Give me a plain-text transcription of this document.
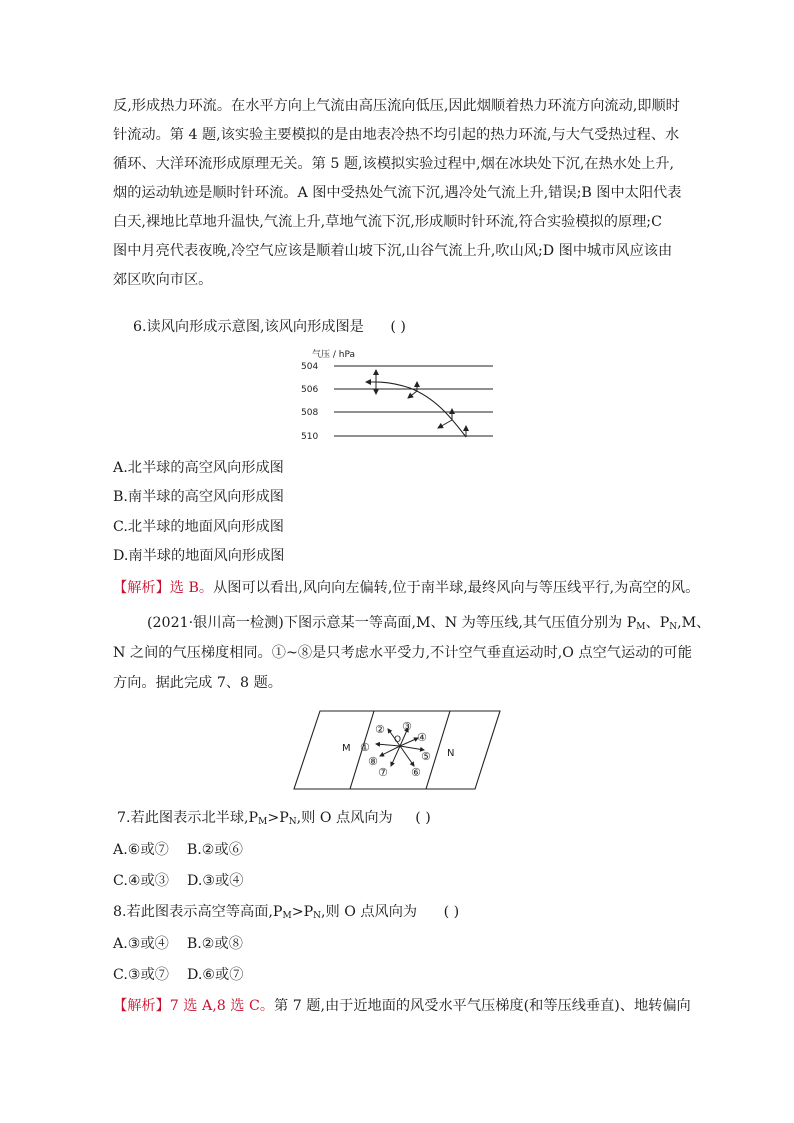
反,形成热力环流。在水平方向上气流由高压流向低压,因此烟顺着热力环流方向流动,即顺时
针流动。第 4 题,该实验主要模拟的是由地表冷热不均引起的热力环流,与大气受热过程、水
循环、大洋环流形成原理无关。第 5 题,该模拟实验过程中,烟在冰块处下沉,在热水处上升,
烟的运动轨迹是顺时针环流。A 图中受热处气流下沉,遇冷处气流上升,错误;B 图中太阳代表
白天,裸地比草地升温快,气流上升,草地气流下沉,形成顺时针环流,符合实验模拟的原理;C
图中月亮代表夜晚,冷空气应该是顺着山坡下沉,山谷气流上升,吹山风;D 图中城市风应该由
郊区吹向市区。
6.读风向形成示意图,该风向形成图是 ( )
气压 / hPa
504
506
508
510
A.北半球的高空风向形成图
B.南半球的高空风向形成图
C.北半球的地面风向形成图
D.南半球的地面风向形成图
【解析】选 B。从图可以看出,风向向左偏转,位于南半球,最终风向与等压线平行,为高空的风。
(2021·银川高一检测)下图示意某一等高面,M、N 为等压线,其气压值分别为 $P_M$、$P_N,M$、
N 之间的气压梯度相同。①~⑧是只考虑水平受力,不计空气垂直运动时,O 点空气运动的可能
方向。据此完成 7、8 题。
M	N
O
①
② ③
④
⑤
⑥
⑦
⑧
7.若此图表示北半球$,P_M>P_N$,则 O 点风向为 ( )
A.⑥或⑦ B.②或⑥
C.④或③ D.③或④
8.若此图表示高空等高面$,P_M>P_N$,则 O 点风向为 ( )
A.③或④ B.②或⑧
C.③或⑦ D.⑥或⑦
【解析】7 选 A,8 选 C。第 7 题,由于近地面的风受水平气压梯度(和等压线垂直)、地转偏向
